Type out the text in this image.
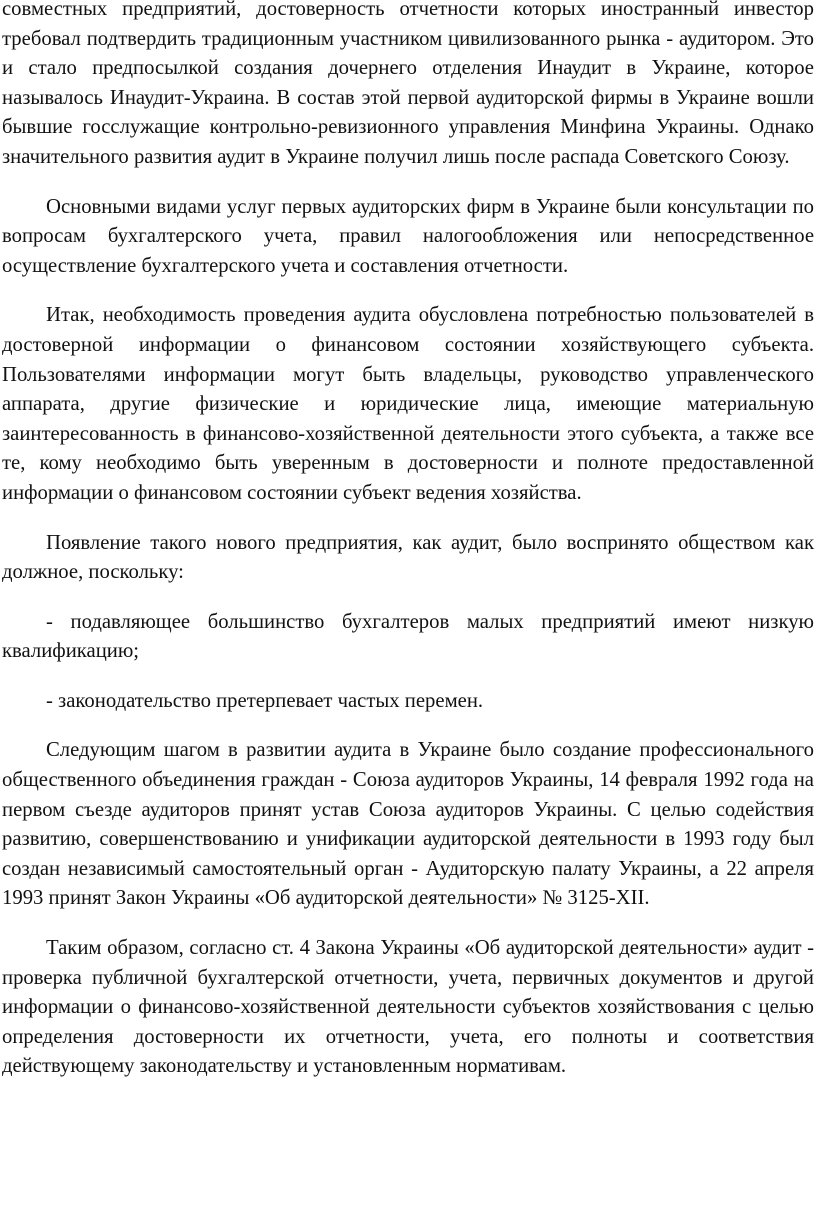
совместных предприятий, достоверность отчетности которых иностранный инвестор требовал подтвердить традиционным участником цивилизованного рынка - аудитором. Это и стало предпосылкой создания дочернего отделения Инаудит в Украине, которое называлось Инаудит-Украина. В состав этой первой аудиторской фирмы в Украине вошли бывшие госслужащие контрольно-ревизионного управления Минфина Украины. Однако значительного развития аудит в Украине получил лишь после распада Советского Союзу.

Основными видами услуг первых аудиторских фирм в Украине были консультации по вопросам бухгалтерского учета, правил налогообложения или непосредственное осуществление бухгалтерского учета и составления отчетности.

Итак, необходимость проведения аудита обусловлена потребностью пользователей в достоверной информации о финансовом состоянии хозяйствующего субъекта. Пользователями информации могут быть владельцы, руководство управленческого аппарата, другие физические и юридические лица, имеющие материальную заинтересованность в финансово-хозяйственной деятельности этого субъекта, а также все те, кому необходимо быть уверенным в достоверности и полноте предоставленной информации о финансовом состоянии субъект ведения хозяйства.

Появление такого нового предприятия, как аудит, было воспринято обществом как должное, поскольку:

- подавляющее большинство бухгалтеров малых предприятий имеют низкую квалификацию;

- законодательство претерпевает частых перемен.

Следующим шагом в развитии аудита в Украине было создание профессионального общественного объединения граждан - Союза аудиторов Украины, 14 февраля 1992 года на первом съезде аудиторов принят устав Союза аудиторов Украины. С целью содействия развитию, совершенствованию и унификации аудиторской деятельности в 1993 году был создан независимый самостоятельный орган - Аудиторскую палату Украины, а 22 апреля 1993 принят Закон Украины «Об аудиторской деятельности» № 3125-XII.

Таким образом, согласно ст. 4 Закона Украины «Об аудиторской деятельности» аудит - проверка публичной бухгалтерской отчетности, учета, первичных документов и другой информации о финансово-хозяйственной деятельности субъектов хозяйствования с целью определения достоверности их отчетности, учета, его полноты и соответствия действующему законодательству и установленным нормативам.
